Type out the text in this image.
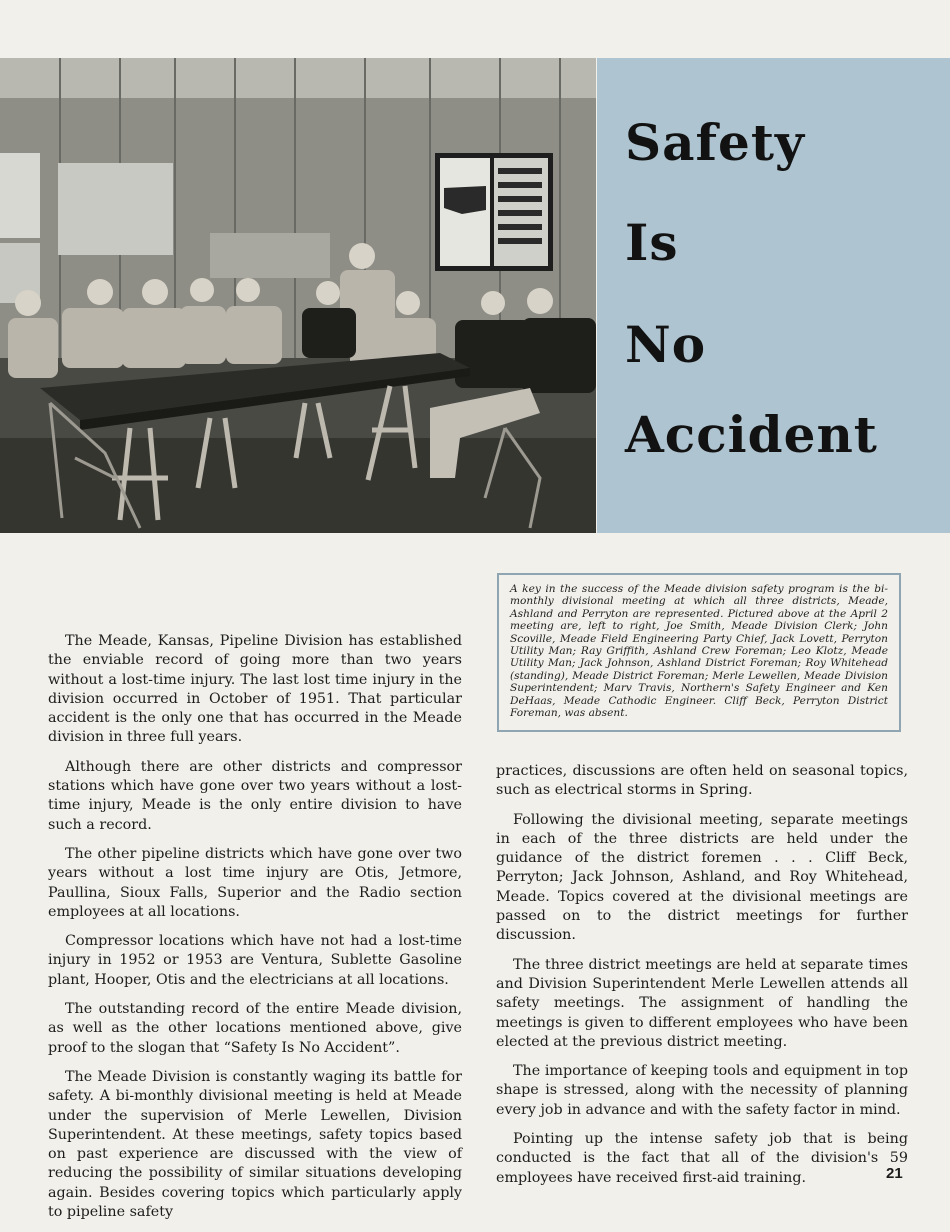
Safety
Is
No
Accident

A key in the success of the Meade division safety program is the bi-monthly divisional meeting at which all three districts, Meade, Ashland and Perryton are represented. Pictured above at the April 2 meeting are, left to right, Joe Smith, Meade Division Clerk; John Scoville, Meade Field Engineering Party Chief, Jack Lovett, Perryton Utility Man; Ray Griffith, Ashland Crew Foreman; Leo Klotz, Meade Utility Man; Jack Johnson, Ashland District Foreman; Roy Whitehead (standing), Meade District Foreman; Merle Lewellen, Meade Division Superintendent; Marv Travis, Northern's Safety Engineer and Ken DeHaas, Meade Cathodic Engineer. Cliff Beck, Perryton District Foreman, was absent.

The Meade, Kansas, Pipeline Division has established the enviable record of going more than two years without a lost-time injury. The last lost time injury in the division occurred in October of 1951. That particular accident is the only one that has occurred in the Meade division in three full years.

Although there are other districts and compressor stations which have gone over two years without a lost-time injury, Meade is the only entire division to have such a record.

The other pipeline districts which have gone over two years without a lost time injury are Otis, Jetmore, Paullina, Sioux Falls, Superior and the Radio section employees at all locations.

Compressor locations which have not had a lost-time injury in 1952 or 1953 are Ventura, Sublette Gasoline plant, Hooper, Otis and the electricians at all locations.

The outstanding record of the entire Meade division, as well as the other locations mentioned above, give proof to the slogan that “Safety Is No Accident”.

The Meade Division is constantly waging its battle for safety. A bi-monthly divisional meeting is held at Meade under the supervision of Merle Lewellen, Division Superintendent. At these meetings, safety topics based on past experience are discussed with the view of reducing the possibility of similar situations developing again. Besides covering topics which particularly apply to pipeline safety

practices, discussions are often held on seasonal topics, such as electrical storms in Spring.

Following the divisional meeting, separate meetings in each of the three districts are held under the guidance of the district foremen . . . Cliff Beck, Perryton; Jack Johnson, Ashland, and Roy Whitehead, Meade. Topics covered at the divisional meetings are passed on to the district meetings for further discussion.

The three district meetings are held at separate times and Division Superintendent Merle Lewellen attends all safety meetings. The assignment of handling the meetings is given to different employees who have been elected at the previous district meeting.

The importance of keeping tools and equipment in top shape is stressed, along with the necessity of planning every job in advance and with the safety factor in mind.

Pointing up the intense safety job that is being conducted is the fact that all of the division's 59 employees have received first-aid training.	21
